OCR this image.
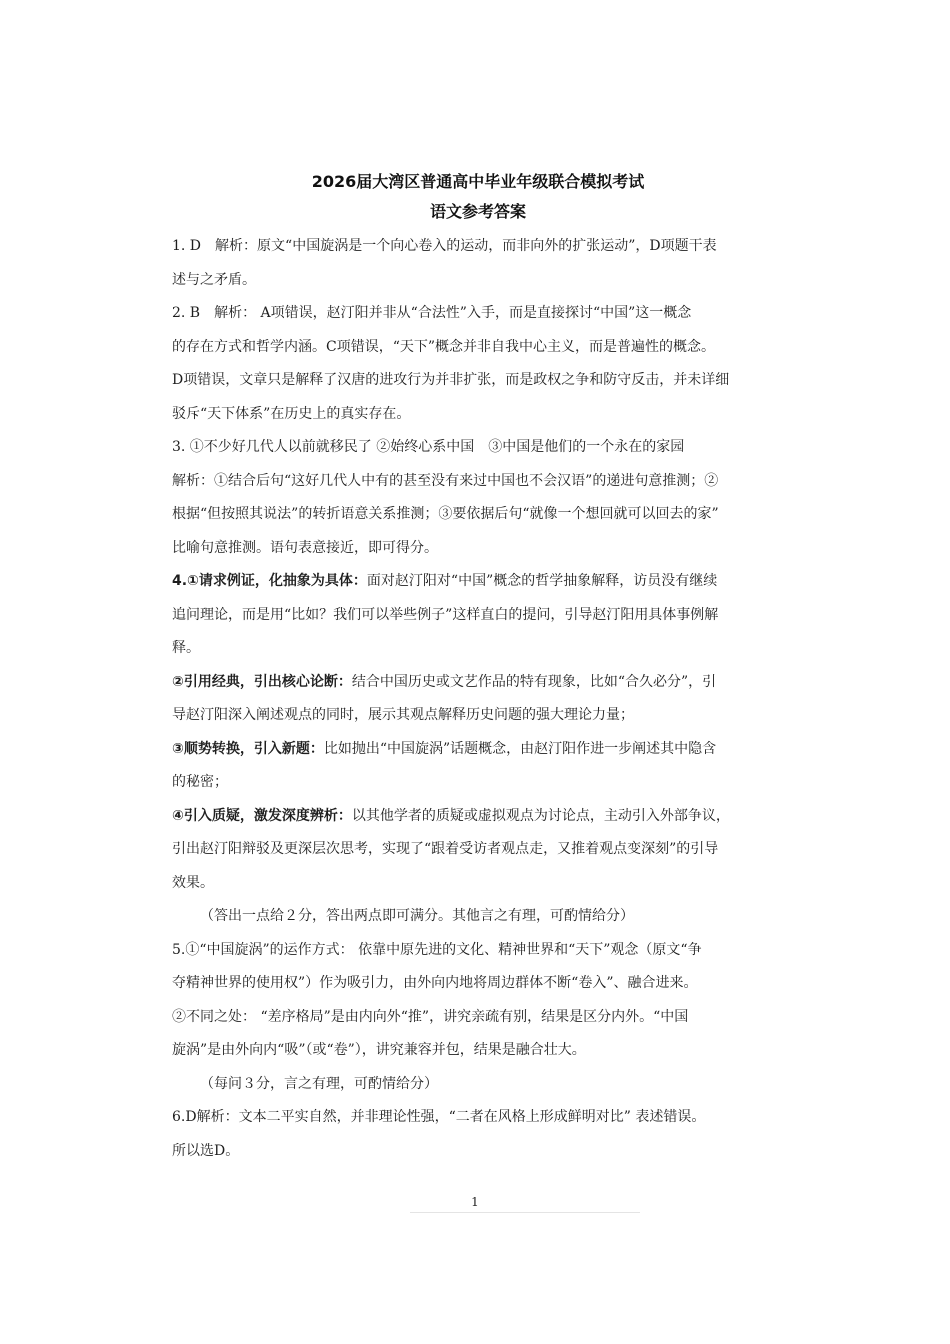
2026届大湾区普通高中毕业年级联合模拟考试
语文参考答案

1. D　解析：原文“中国旋涡是一个向心卷入的运动，而非向外的扩张运动”，D项题干表

述与之矛盾。

2. B　解析： A项错误，赵汀阳并非从“合法性”入手，而是直接探讨“中国”这一概念

的存在方式和哲学内涵。C项错误，“天下”概念并非自我中心主义，而是普遍性的概念。

D项错误，文章只是解释了汉唐的进攻行为并非扩张，而是政权之争和防守反击，并未详细

驳斥“天下体系”在历史上的真实存在。

3. ①不少好几代人以前就移民了 ②始终心系中国　③中国是他们的一个永在的家园

解析：①结合后句“这好几代人中有的甚至没有来过中国也不会汉语”的递进句意推测；②

根据“但按照其说法”的转折语意关系推测；③要依据后句“就像一个想回就可以回去的家”

比喻句意推测。语句表意接近，即可得分。

4.①请求例证，化抽象为具体：面对赵汀阳对“中国”概念的哲学抽象解释，访员没有继续

追问理论，而是用“比如？我们可以举些例子”这样直白的提问，引导赵汀阳用具体事例解

释。

②引用经典，引出核心论断：结合中国历史或文艺作品的特有现象，比如“合久必分”，引

导赵汀阳深入阐述观点的同时，展示其观点解释历史问题的强大理论力量；

③顺势转换，引入新题：比如抛出“中国旋涡”话题概念，由赵汀阳作进一步阐述其中隐含

的秘密；

④引入质疑，激发深度辨析：以其他学者的质疑或虚拟观点为讨论点，主动引入外部争议，

引出赵汀阳辩驳及更深层次思考，实现了“跟着受访者观点走，又推着观点变深刻”的引导

效果。

（答出一点给２分，答出两点即可满分。其他言之有理，可酌情给分）

5.①“中国旋涡”的运作方式： 依靠中原先进的文化、精神世界和“天下”观念（原文“争

夺精神世界的使用权”）作为吸引力，由外向内地将周边群体不断“卷入”、融合进来。

②不同之处： “差序格局”是由内向外“推”，讲究亲疏有别，结果是区分内外。“中国

旋涡”是由外向内“吸”（或“卷”），讲究兼容并包，结果是融合壮大。

（每问３分，言之有理，可酌情给分）

6.D解析：文本二平实自然，并非理论性强，“二者在风格上形成鲜明对比” 表述错误。

所以选D。

1
